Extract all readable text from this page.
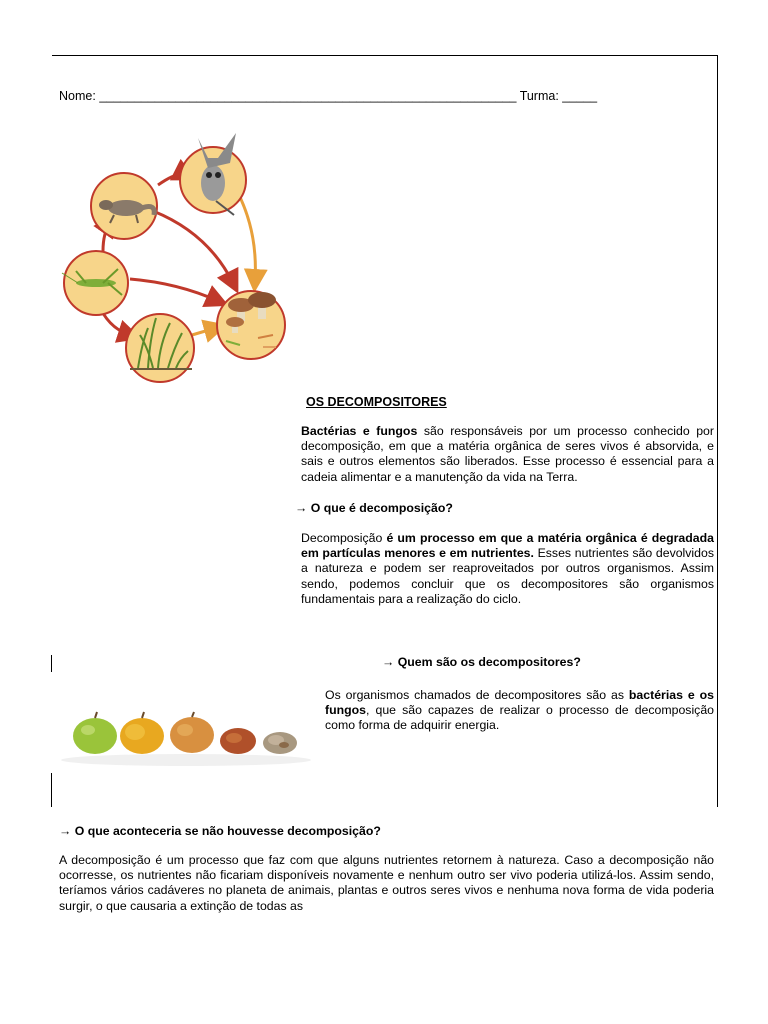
Nome: ____________________________________________________________ Turma: _____
OS DECOMPOSITORES
Bactérias e fungos são responsáveis por um processo conhecido por decomposição, em que a matéria orgânica de seres vivos é absorvida, e sais e outros elementos são liberados. Esse processo é essencial para a cadeia alimentar e a manutenção da vida na Terra.
→ O que é decomposição?
Decomposição é um processo em que a matéria orgânica é degradada em partículas menores e em nutrientes. Esses nutrientes são devolvidos a natureza e podem ser reaproveitados por outros organismos. Assim sendo, podemos concluir que os decompositores são organismos fundamentais para a realização do ciclo.
→ Quem são os decompositores?
Os organismos chamados de decompositores são as bactérias e os fungos, que são capazes de realizar o processo de decomposição como forma de adquirir energia.
→ O que aconteceria se não houvesse decomposição?
A decomposição é um processo que faz com que alguns nutrientes retornem à natureza. Caso a decomposição não ocorresse, os nutrientes não ficariam disponíveis novamente e nenhum outro ser vivo poderia utilizá-los. Assim sendo, teríamos vários cadáveres no planeta de animais, plantas e outros seres vivos e nenhuma nova forma de vida poderia surgir, o que causaria a extinção de todas as
